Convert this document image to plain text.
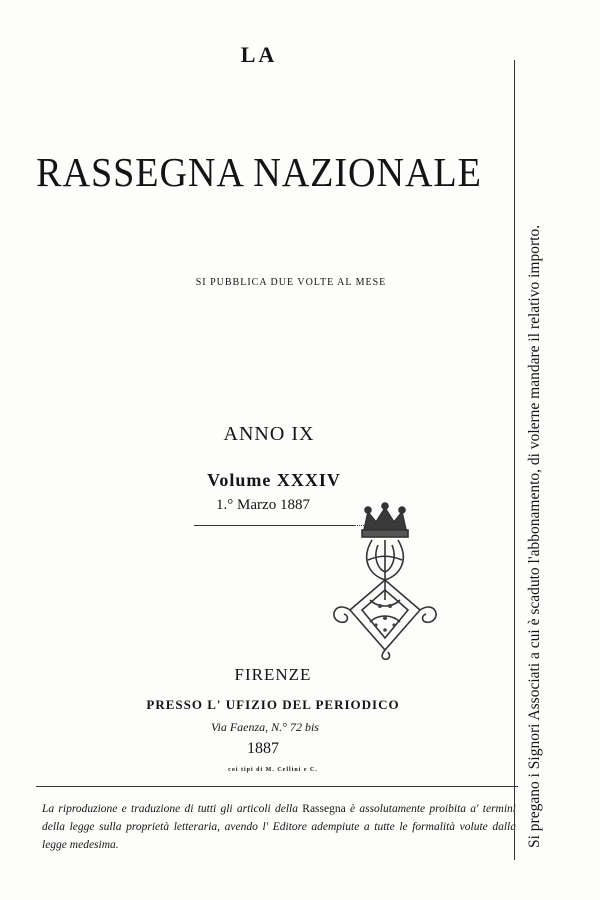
LA
RASSEGNA NAZIONALE
SI PUBBLICA DUE VOLTE AL MESE
ANNO IX
Volume XXXIV
1.° Marzo 1887
FIRENZE
PRESSO L' UFIZIO DEL PERIODICO
Via Faenza, N.° 72 bis
1887
coi tipi di M. Cellini e C.
La riproduzione e traduzione di tutti gli articoli della Rassegna è assolutamente proibita a' termini della legge sulla proprietà letteraria, avendo l' Editore adempiute a tutte le formalità volute dalla legge medesima.	Si pregano i Signori Associati a cui è scaduto l'abbonamento, di volerne mandare il relativo importo.
